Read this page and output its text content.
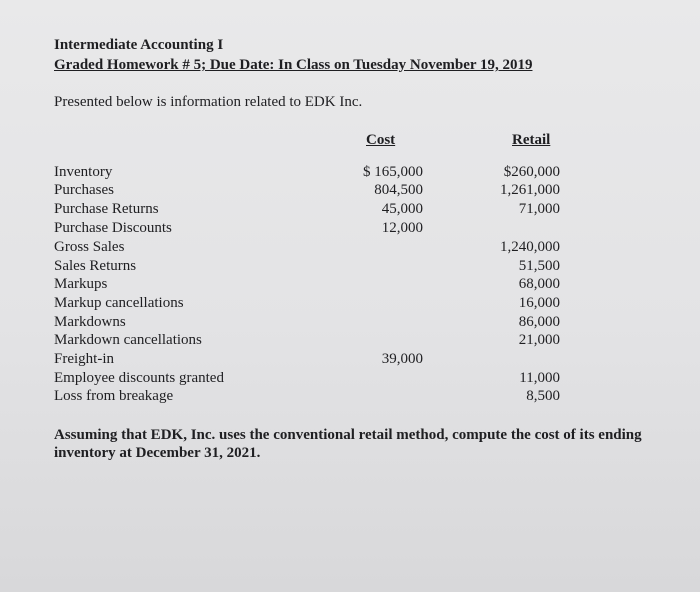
Intermediate Accounting I
Graded Homework # 5; Due Date: In Class on Tuesday November 19, 2019
Presented below is information related to EDK Inc.
Cost	Retail
Inventory
Purchases
Purchase Returns
Purchase Discounts
Gross Sales
Sales Returns
Markups
Markup cancellations
Markdowns
Markdown cancellations
Freight-in
Employee discounts granted
Loss from breakage
$ 165,000
804,500
45,000
12,000
39,000
$260,000
1,261,000
71,000
1,240,000
51,500
68,000
16,000
86,000
21,000
11,000
8,500
Assuming that EDK, Inc. uses the conventional retail method, compute the cost of its ending inventory at December 31, 2021.
